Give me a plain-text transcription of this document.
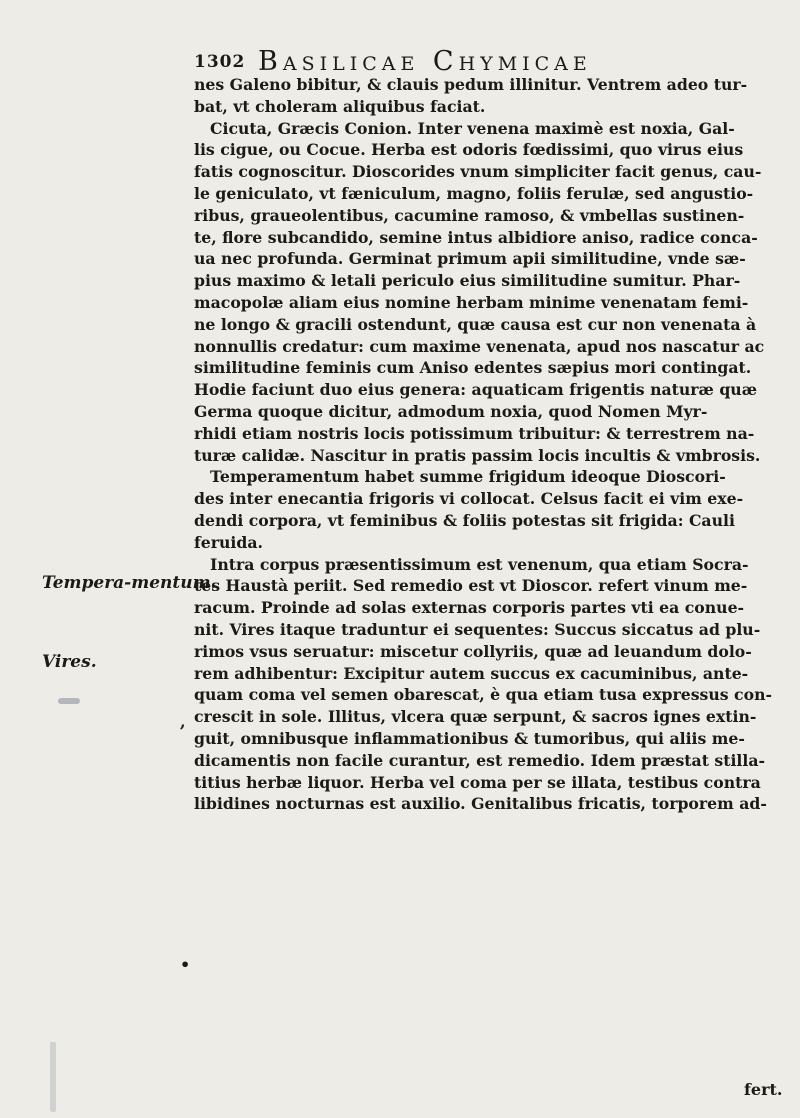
1302 Basilicae Chymicae
Tempera-mentum.
Vires.
,
•
nes Galeno bibitur, & clauis pedum illinitur. Ventrem adeo tur-
bat, vt choleram aliquibus faciat.
Cicuta, Græcis Conion. Inter venena maximè est noxia, Gal-
lis cigue, ou Cocue. Herba est odoris fœdissimi, quo virus eius
fatis cognoscitur. Dioscorides vnum simpliciter facit genus, cau-
le geniculato, vt fæniculum, magno, foliis ferulæ, sed angustio-
ribus, graueolentibus, cacumine ramoso, & vmbellas sustinen-
te, flore subcandido, semine intus albidiore aniso, radice conca-
ua nec profunda. Germinat primum apii similitudine, vnde sæ-
pius maximo & letali periculo eius similitudine sumitur. Phar-
macopolæ aliam eius nomine herbam minime venenatam femi-
ne longo & gracili ostendunt, quæ causa est cur non venenata à
nonnullis credatur: cum maxime venenata, apud nos nascatur ac
similitudine feminis cum Aniso edentes sæpius mori contingat.
Hodie faciunt duo eius genera: aquaticam frigentis naturæ quæ
Germa quoque dicitur, admodum noxia, quod Nomen Myr-
rhidi etiam nostris locis potissimum tribuitur: & terrestrem na-
turæ calidæ. Nascitur in pratis passim locis incultis & vmbrosis.
Temperamentum habet summe frigidum ideoque Dioscori-
des inter enecantia frigoris vi collocat. Celsus facit ei vim exe-
dendi corpora, vt feminibus & foliis potestas sit frigida: Cauli
feruida.
Intra corpus præsentissimum est venenum, qua etiam Socra-
tes Haustà periit. Sed remedio est vt Dioscor. refert vinum me-
racum. Proinde ad solas externas corporis partes vti ea conue-
nit. Vires itaque traduntur ei sequentes: Succus siccatus ad plu-
rimos vsus seruatur: miscetur collyriis, quæ ad leuandum dolo-
rem adhibentur: Excipitur autem succus ex cacuminibus, ante-
quam coma vel semen obarescat, è qua etiam tusa expressus con-
crescit in sole. Illitus, vlcera quæ serpunt, & sacros ignes extin-
guit, omnibusque inflammationibus & tumoribus, qui aliis me-
dicamentis non facile curantur, est remedio. Idem præstat stilla-
titius herbæ liquor. Herba vel coma per se illata, testibus contra
libidines nocturnas est auxilio. Genitalibus fricatis, torporem ad-
fert.
